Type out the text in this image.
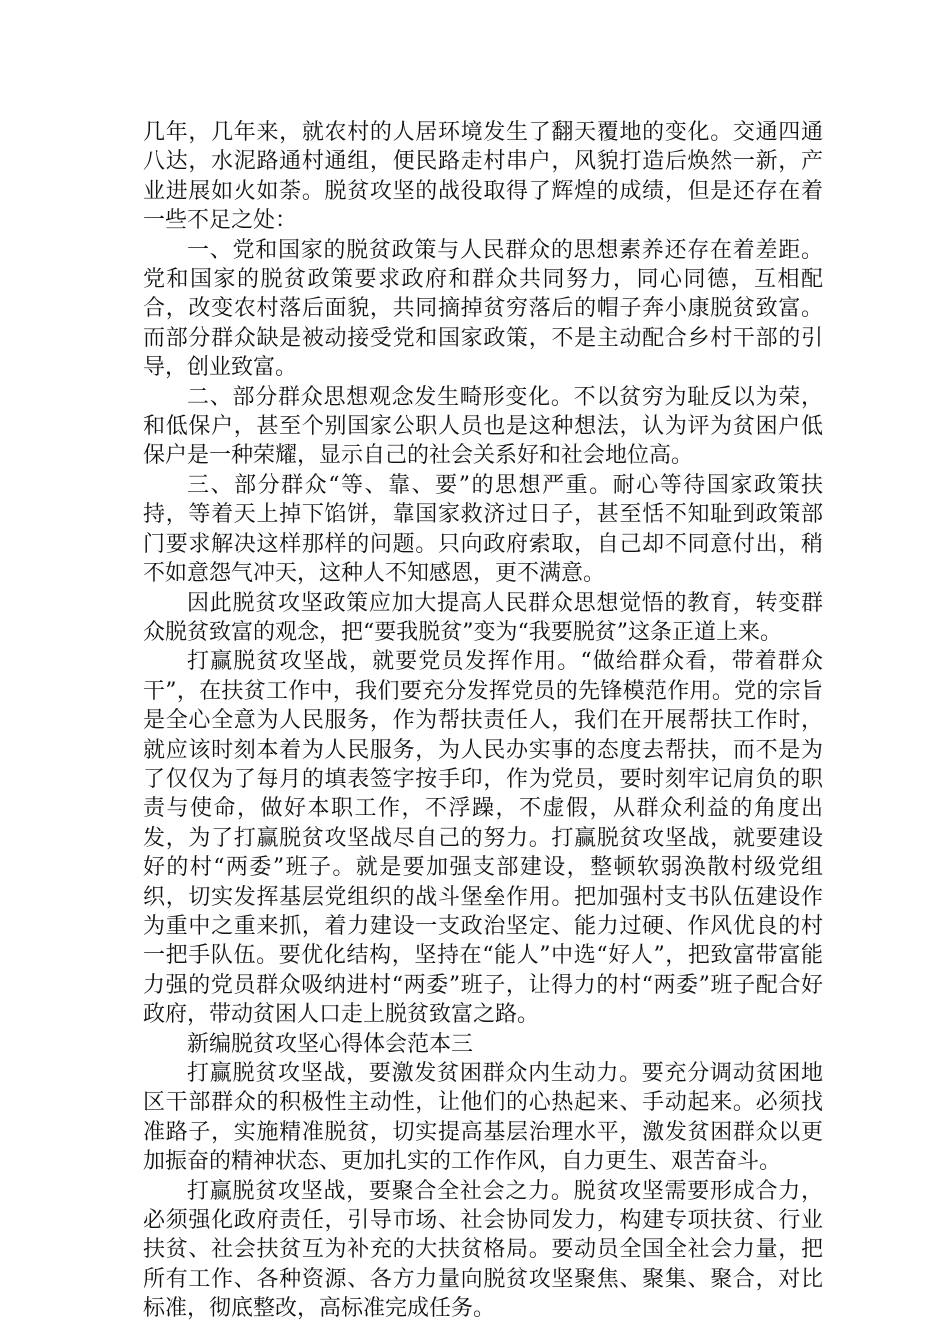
几年，几年来，就农村的人居环境发生了翻天覆地的变化。交通四通八达，水泥路通村通组，便民路走村串户，风貌打造后焕然一新，产业进展如火如荼。脱贫攻坚的战役取得了辉煌的成绩，但是还存在着一些不足之处：

一、党和国家的脱贫政策与人民群众的思想素养还存在着差距。党和国家的脱贫政策要求政府和群众共同努力，同心同德，互相配合，改变农村落后面貌，共同摘掉贫穷落后的帽子奔小康脱贫致富。而部分群众缺是被动接受党和国家政策，不是主动配合乡村干部的引导，创业致富。

二、部分群众思想观念发生畸形变化。不以贫穷为耻反以为荣，和低保户，甚至个别国家公职人员也是这种想法，认为评为贫困户低保户是一种荣耀，显示自己的社会关系好和社会地位高。

三、部分群众“等、靠、要”的思想严重。耐心等待国家政策扶持，等着天上掉下馅饼，靠国家救济过日子，甚至恬不知耻到政策部门要求解决这样那样的问题。只向政府索取，自己却不同意付出，稍不如意怨气冲天，这种人不知感恩，更不满意。

因此脱贫攻坚政策应加大提高人民群众思想觉悟的教育，转变群众脱贫致富的观念，把“要我脱贫”变为“我要脱贫”这条正道上来。

打赢脱贫攻坚战，就要党员发挥作用。“做给群众看，带着群众干”，在扶贫工作中，我们要充分发挥党员的先锋模范作用。党的宗旨是全心全意为人民服务，作为帮扶责任人，我们在开展帮扶工作时，就应该时刻本着为人民服务，为人民办实事的态度去帮扶，而不是为了仅仅为了每月的填表签字按手印，作为党员，要时刻牢记肩负的职责与使命，做好本职工作，不浮躁，不虚假，从群众利益的角度出发，为了打赢脱贫攻坚战尽自己的努力。打赢脱贫攻坚战，就要建设好的村“两委”班子。就是要加强支部建设，整顿软弱涣散村级党组织，切实发挥基层党组织的战斗堡垒作用。把加强村支书队伍建设作为重中之重来抓，着力建设一支政治坚定、能力过硬、作风优良的村一把手队伍。要优化结构，坚持在“能人”中选“好人”，把致富带富能力强的党员群众吸纳进村“两委”班子，让得力的村“两委”班子配合好政府，带动贫困人口走上脱贫致富之路。

新编脱贫攻坚心得体会范本三

打赢脱贫攻坚战，要激发贫困群众内生动力。要充分调动贫困地区干部群众的积极性主动性，让他们的心热起来、手动起来。必须找准路子，实施精准脱贫，切实提高基层治理水平，激发贫困群众以更加振奋的精神状态、更加扎实的工作作风，自力更生、艰苦奋斗。

打赢脱贫攻坚战，要聚合全社会之力。脱贫攻坚需要形成合力，必须强化政府责任，引导市场、社会协同发力，构建专项扶贫、行业扶贫、社会扶贫互为补充的大扶贫格局。要动员全国全社会力量，把所有工作、各种资源、各方力量向脱贫攻坚聚焦、聚集、聚合，对比标准，彻底整改，高标准完成任务。
